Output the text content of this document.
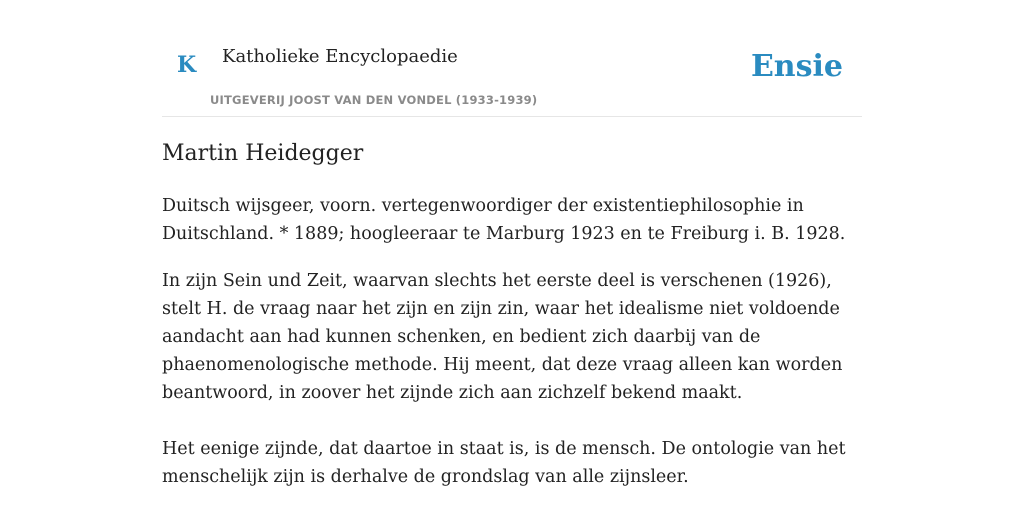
K Katholieke Encyclopaedie
UITGEVERIJ JOOST VAN DEN VONDEL (1933-1939)
Ensie
Martin Heidegger

Duitsch wijsgeer, voorn. vertegenwoordiger der existentiephilosophie in Duitschland. * 1889; hoogleeraar te Marburg 1923 en te Freiburg i. B. 1928.

In zijn Sein und Zeit, waarvan slechts het eerste deel is verschenen (1926), stelt H. de vraag naar het zijn en zijn zin, waar het idealisme niet voldoende aandacht aan had kunnen schenken, en bedient zich daarbij van de phaenomenologische methode. Hij meent, dat deze vraag alleen kan worden beantwoord, in zoover het zijnde zich aan zichzelf bekend maakt.

Het eenige zijnde, dat daartoe in staat is, is de mensch. De ontologie van het menschelijk zijn is derhalve de grondslag van alle zijnsleer.
